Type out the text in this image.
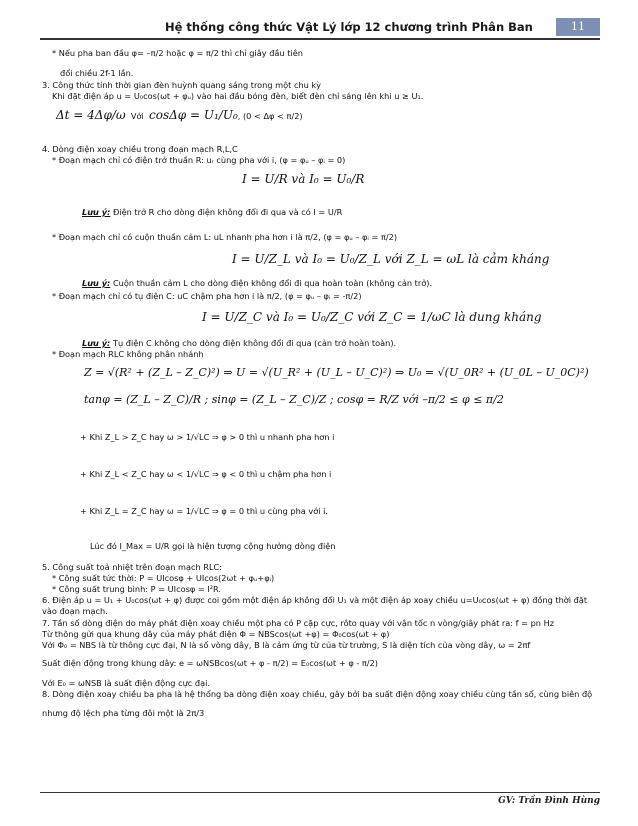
Hệ thống công thức Vật Lý lớp 12 chương trình Phân Ban	11
* Nếu pha ban đầu φ= –π/2 hoặc φ = π/2 thì chỉ giây đầu tiên
đổi chiều 2f-1 lần.
3. Công thức tính thời gian đèn huỳnh quang sáng trong một chu kỳ
Khi đặt điện áp u = U₀cos(ωt + φᵤ) vào hai đầu bóng đèn, biết đèn chỉ sáng lên khi u ≥ U₁.
Δt = 4Δφ/ω Với cosΔφ = U₁/U₀, (0 < Δφ < π/2)
4. Dòng điện xoay chiều trong đoạn mạch R,L,C
* Đoạn mạch chỉ có điện trở thuần R: uᵣ cùng pha với i, (φ = φᵤ – φᵢ = 0)
I = U/R và I₀ = U₀/R
Lưu ý: Điện trở R cho dòng điện không đổi đi qua và có I = U/R
* Đoạn mạch chỉ có cuộn thuần cảm L: uL nhanh pha hơn i là π/2, (φ = φᵤ – φᵢ = π/2)
I = U/Z_L và I₀ = U₀/Z_L với Z_L = ωL là cảm kháng
Lưu ý: Cuộn thuần cảm L cho dòng điện không đổi đi qua hoàn toàn (không cản trở).
* Đoạn mạch chỉ có tụ điện C: uC chậm pha hơn i là π/2, (φ = φᵤ – φᵢ = -π/2)
I = U/Z_C và I₀ = U₀/Z_C với Z_C = 1/ωC là dung kháng
Lưu ý: Tụ điện C không cho dòng điện không đổi đi qua (cản trở hoàn toàn).
* Đoạn mạch RLC không phân nhánh
Z = √(R² + (Z_L – Z_C)²) ⇒ U = √(U_R² + (U_L – U_C)²) ⇒ U₀ = √(U_0R² + (U_0L – U_0C)²)
tanφ = (Z_L – Z_C)/R ; sinφ = (Z_L – Z_C)/Z ; cosφ = R/Z với –π/2 ≤ φ ≤ π/2
+ Khi Z_L > Z_C hay ω > 1/√LC ⇒ φ > 0 thì u nhanh pha hơn i
+ Khi Z_L < Z_C hay ω < 1/√LC ⇒ φ < 0 thì u chậm pha hơn i
+ Khi Z_L = Z_C hay ω = 1/√LC ⇒ φ = 0 thì u cùng pha với i.
Lúc đó I_Max = U/R gọi là hiện tượng cộng hưởng dòng điện
5. Công suất toả nhiệt trên đoạn mạch RLC:
* Công suất tức thời: P = UIcosφ + UIcos(2ωt + φᵤ+φᵢ)
* Công suất trung bình: P = UIcosφ = I²R.
6. Điện áp u = U₁ + U₀cos(ωt + φ) được coi gồm một điện áp không đổi U₁ và một điện áp xoay chiều u=U₀cos(ωt + φ) đồng thời đặt
vào đoạn mạch.
7. Tần số dòng điện do máy phát điện xoay chiều một pha có P cặp cực, rôto quay với vận tốc n vòng/giây phát ra: f = pn Hz
Từ thông gửi qua khung dây của máy phát điện Φ = NBScos(ωt +φ) = Φ₀cos(ωt + φ)
Với Φ₀ = NBS là từ thông cực đại, N là số vòng dây, B là cảm ứng từ của từ trường, S là diện tích của vòng dây, ω = 2πf
Suất điện động trong khung dây: e = ωNSBcos(ωt + φ - π/2) = E₀cos(ωt + φ - π/2)
Với E₀ = ωNSB là suất điện động cực đại.
8. Dòng điện xoay chiều ba pha là hệ thống ba dòng điện xoay chiều, gây bởi ba suất điện động xoay chiều cùng tần số, cùng biên độ
nhưng độ lệch pha từng đôi một là 2π/3
GV: Trần Đình Hùng
